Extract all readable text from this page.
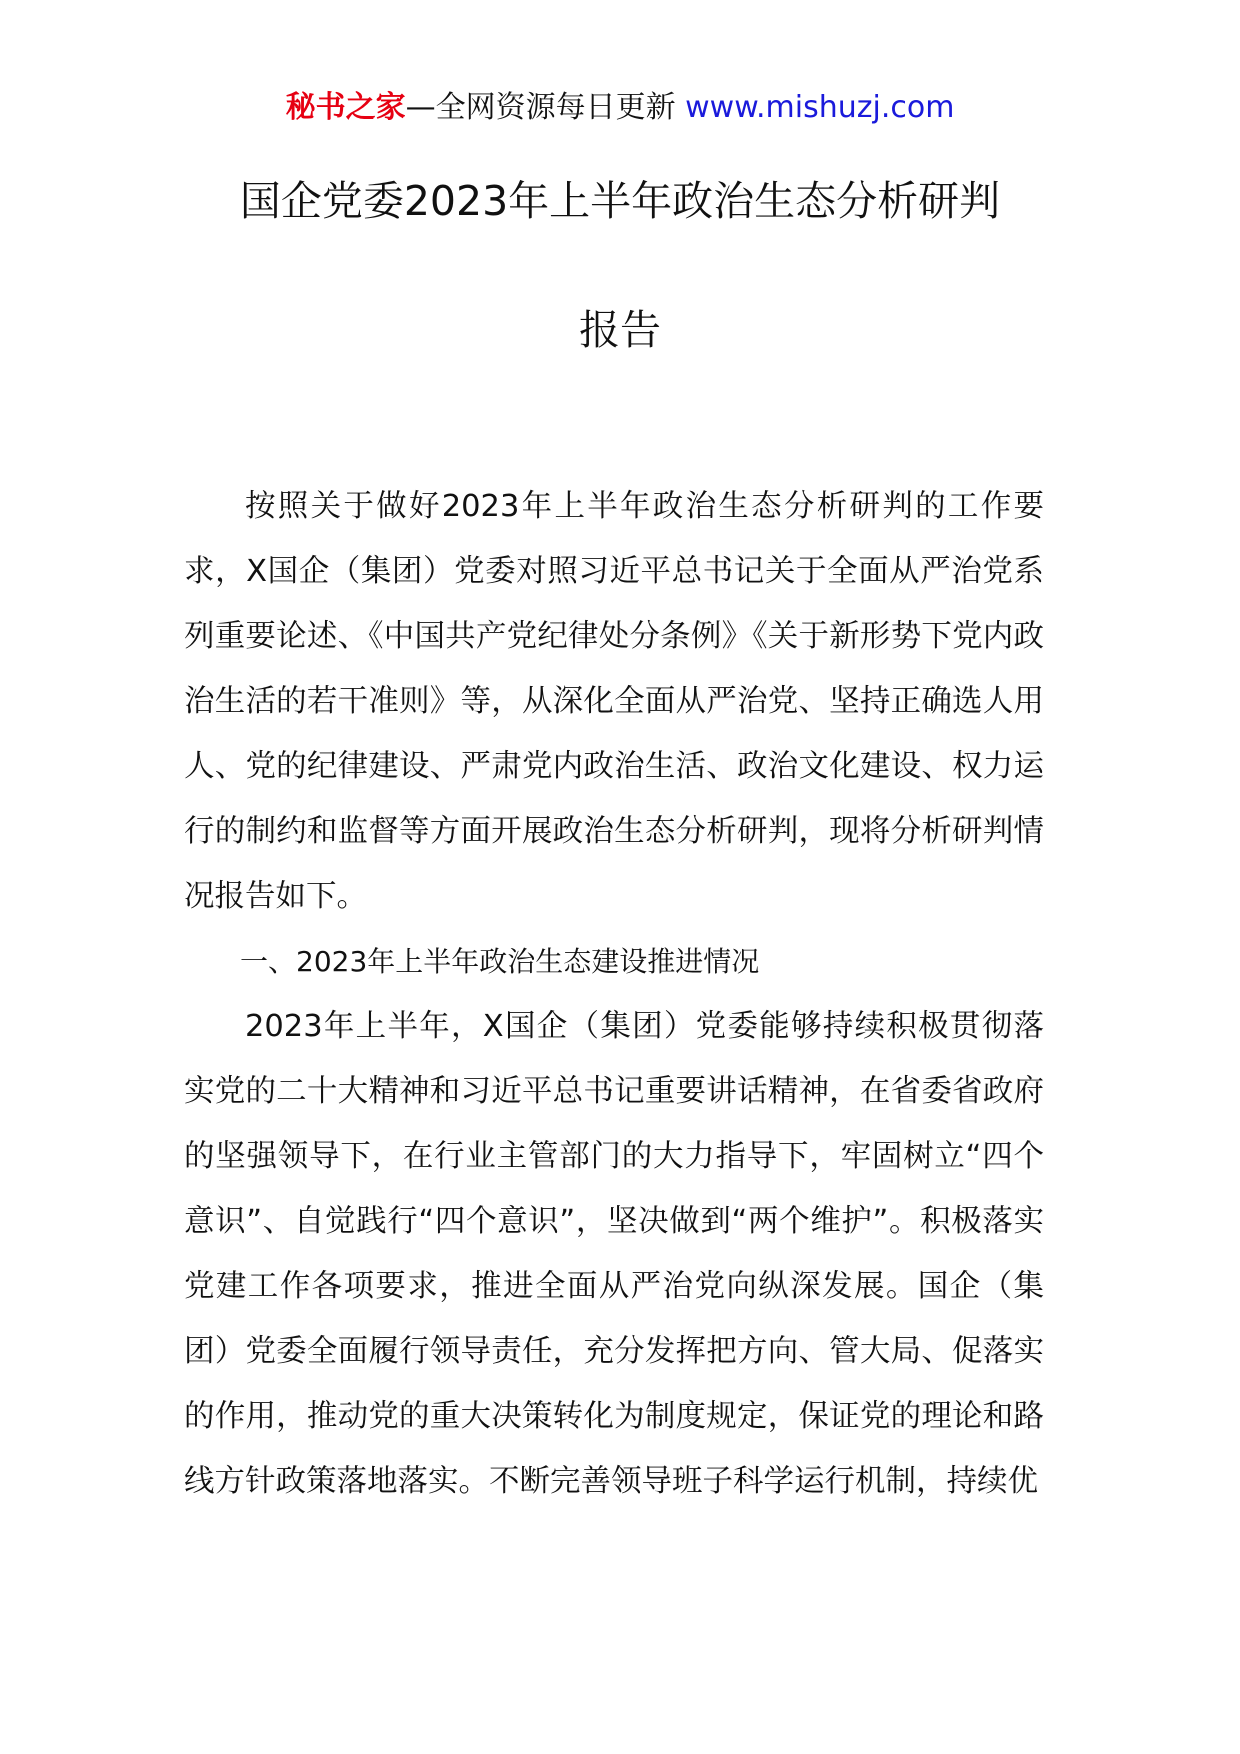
秘书之家—全网资源每日更新 www.mishuzj.com
国企党委2023年上半年政治生态分析研判
报告

按照关于做好2023年上半年政治生态分析研判的工作要求，X国企（集团）党委对照习近平总书记关于全面从严治党系列重要论述、《中国共产党纪律处分条例》《关于新形势下党内政治生活的若干准则》等，从深化全面从严治党、坚持正确选人用人、党的纪律建设、严肃党内政治生活、政治文化建设、权力运行的制约和监督等方面开展政治生态分析研判，现将分析研判情况报告如下。

一、2023年上半年政治生态建设推进情况

2023年上半年，X国企（集团）党委能够持续积极贯彻落实党的二十大精神和习近平总书记重要讲话精神，在省委省政府的坚强领导下，在行业主管部门的大力指导下，牢固树立“四个意识”、自觉践行“四个意识”，坚决做到“两个维护”。积极落实党建工作各项要求，推进全面从严治党向纵深发展。国企（集团）党委全面履行领导责任，充分发挥把方向、管大局、促落实的作用，推动党的重大决策转化为制度规定，保证党的理论和路线方针政策落地落实。不断完善领导班子科学运行机制，持续优
